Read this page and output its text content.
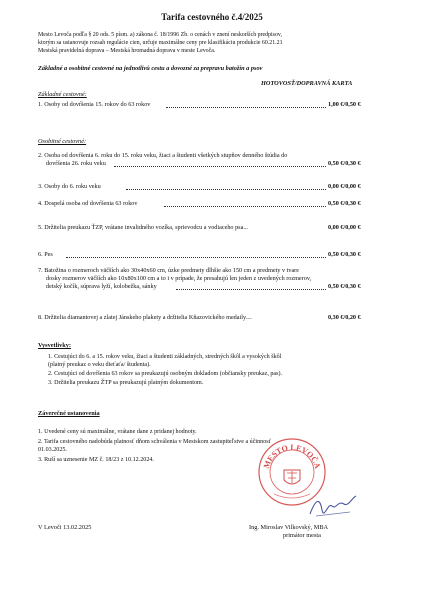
Tarifa cestovného č.4/2025
Mesto Levoča podľa § 20 ods. 5 písm. a) zákona č. 18/1996 Zb. o cenách v znení neskorších predpisov,
ktorým sa ustanovuje rozsah regulácie cien, určuje maximálne ceny pre klasifikáciu produkcie 60.21.21
Mestská pravidelná doprava – Mestská hromadná doprava v meste Levoča.
Základné a osobitné cestovné na jednotlivú cestu a dovozné za prepravu batožín a psov
HOTOVOSŤ/DOPRAVNÁ KARTA
Základné cestovné:
1. Osoby od dovŕšenia 15. rokov do 63 rokov	1,00 €/0,50 €
Osobitné cestovné:
2. Osoba od dovŕšenia 6. roku do 15. roku veku, žiaci a študenti všetkých stupňov denného štúdia do
dovŕšenia 26. roku veku	0,50 €/0,30 €
3. Osoby do 6. roku veku	0,00 €/0,00 €
4. Dospelá osoba od dovŕšenia 63 rokov	0,50 €/0,30 €
5. Držitelia preukazu ŤZP, vrátane invalidného vozíka, sprievodcu a vodiaceho psa...	0,00 €/0,00 €
6. Pes	0,50 €/0,30 €
7. Batožina o rozmeroch väčších ako 30x40x60 cm, úzke predmety dlhšie ako 150 cm a predmety v tvare
dosky rozmerov väčších ako 10x80x100 cm a to i v prípade, že presahujú len jeden z uvedených rozmerov,
detský kočík, súprava lyží, kolobežka, sánky	0,50 €/0,30 €
8. Držitelia diamantovej a zlatej Jánskeho plakety a držitelia Kňazovického medaily....	0,30 €/0,20 €
Vysvetlivky:
1. Cestujúci do 6. a 15. rokov veku, žiaci a študenti základných, stredných škôl a vysokých škôl
(platný preukaz o veku dieťaťa/ študenta).
2. Cestujúci od dovŕšenia 63 rokov sa preukazujú osobným dokladom (občiansky preukaz, pas).
3. Držitelia preukazu ŽTP sa preukazujú platným dokumentom.
Záverečné ustanovenia
1. Uvedené ceny sú maximálne, vrátane dane z pridanej hodnoty.
2. Tarifa cestovného nadobúda platnosť dňom schválenia v Mestskom zastupiteľstve a účinnosť
01.03.2025.
3. Ruší sa uznesenie MZ č. 18/23 z 10.12.2024.	MESTO LEVOČA
V Levoči 13.02.2025	Ing. Miroslav Vilkovský, MBA
primátor mesta
